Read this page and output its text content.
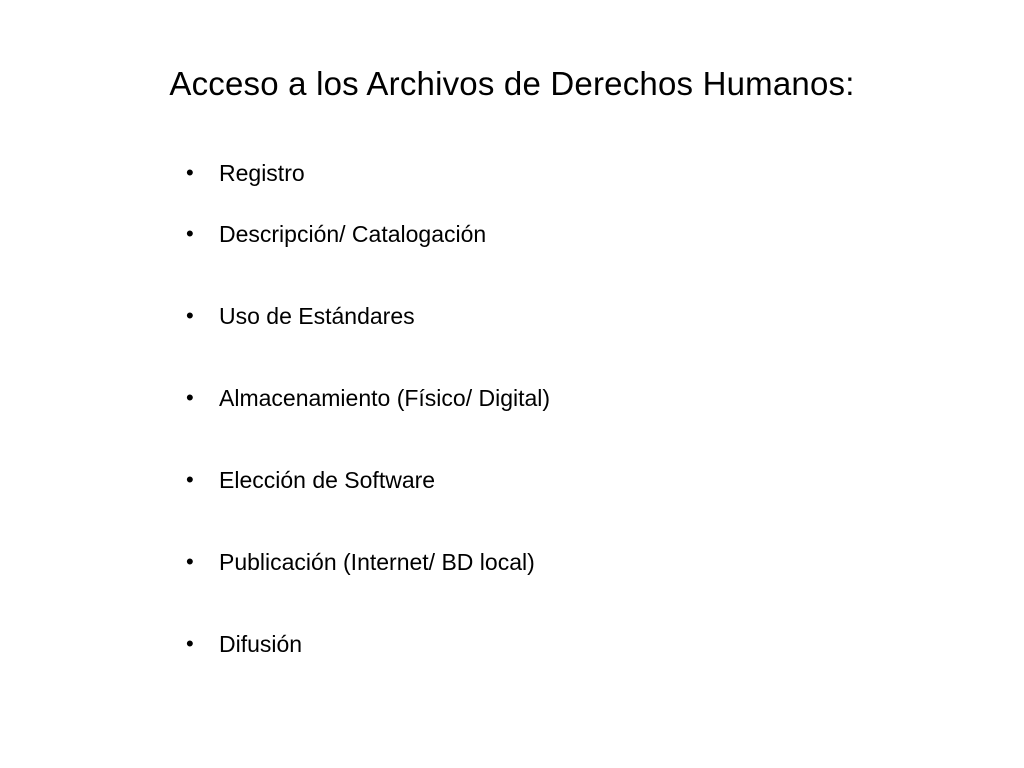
Acceso a los Archivos de Derechos Humanos:
•	Registro
•	Descripción/ Catalogación
•	Uso de Estándares
•	Almacenamiento (Físico/ Digital)
•	Elección de Software
•	Publicación (Internet/ BD local)
•	Difusión
